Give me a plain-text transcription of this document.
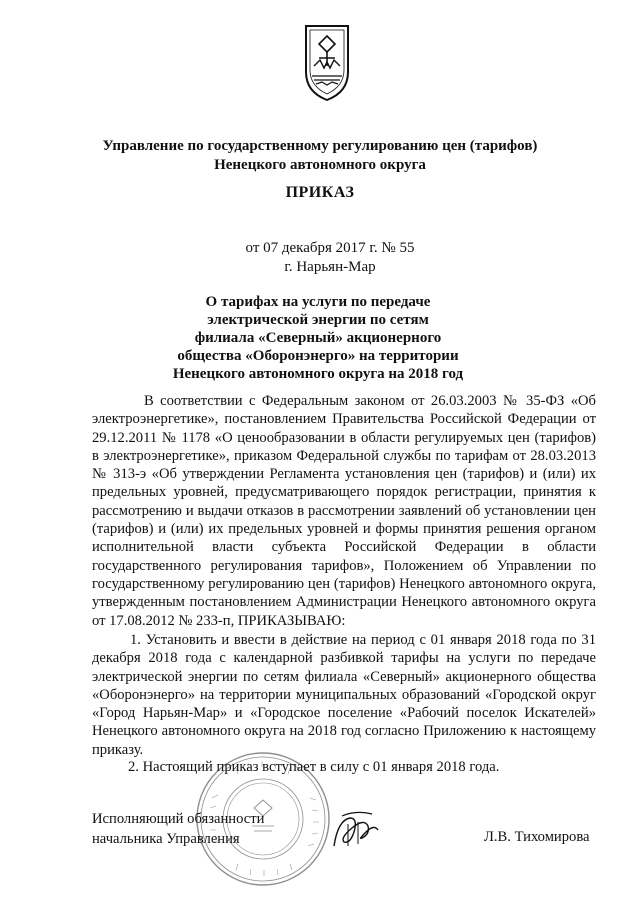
Управление по государственному регулированию цен (тарифов)
Ненецкого автономного округа
ПРИКАЗ
от 07 декабря 2017 г. № 55
г. Нарьян-Мар
О тарифах на услуги по передаче
электрической энергии по сетям
филиала «Северный» акционерного
общества «Оборонэнерго» на территории
Ненецкого автономного округа на 2018 год
В соответствии с Федеральным законом от 26.03.2003 № 35-ФЗ «Об электроэнергетике», постановлением Правительства Российской Федерации от 29.12.2011 № 1178 «О ценообразовании в области регулируемых цен (тарифов) в электроэнергетике», приказом Федеральной службы по тарифам от 28.03.2013 № 313-э «Об утверждении Регламента установления цен (тарифов) и (или) их предельных уровней, предусматривающего порядок регистрации, принятия к рассмотрению и выдачи отказов в рассмотрении заявлений об установлении цен (тарифов) и (или) их предельных уровней и формы принятия решения органом исполнительной власти субъекта Российской Федерации в области государственного регулирования тарифов», Положением об Управлении по государственному регулированию цен (тарифов) Ненецкого автономного округа, утвержденным постановлением Администрации Ненецкого автономного округа от 17.08.2012 № 233-п, ПРИКАЗЫВАЮ:
1. Установить и ввести в действие на период с 01 января 2018 года по 31 декабря 2018 года с календарной разбивкой тарифы на услуги по передаче электрической энергии по сетям филиала «Северный» акционерного общества «Оборонэнерго» на территории муниципальных образований «Городской округ «Город Нарьян-Мар» и «Городское поселение «Рабочий поселок Искателей» Ненецкого автономного округа на 2018 год согласно Приложению к настоящему приказу.
2. Настоящий приказ вступает в силу с 01 января 2018 года.
Исполняющий обязанности
начальника Управления	Л.В. Тихомирова
